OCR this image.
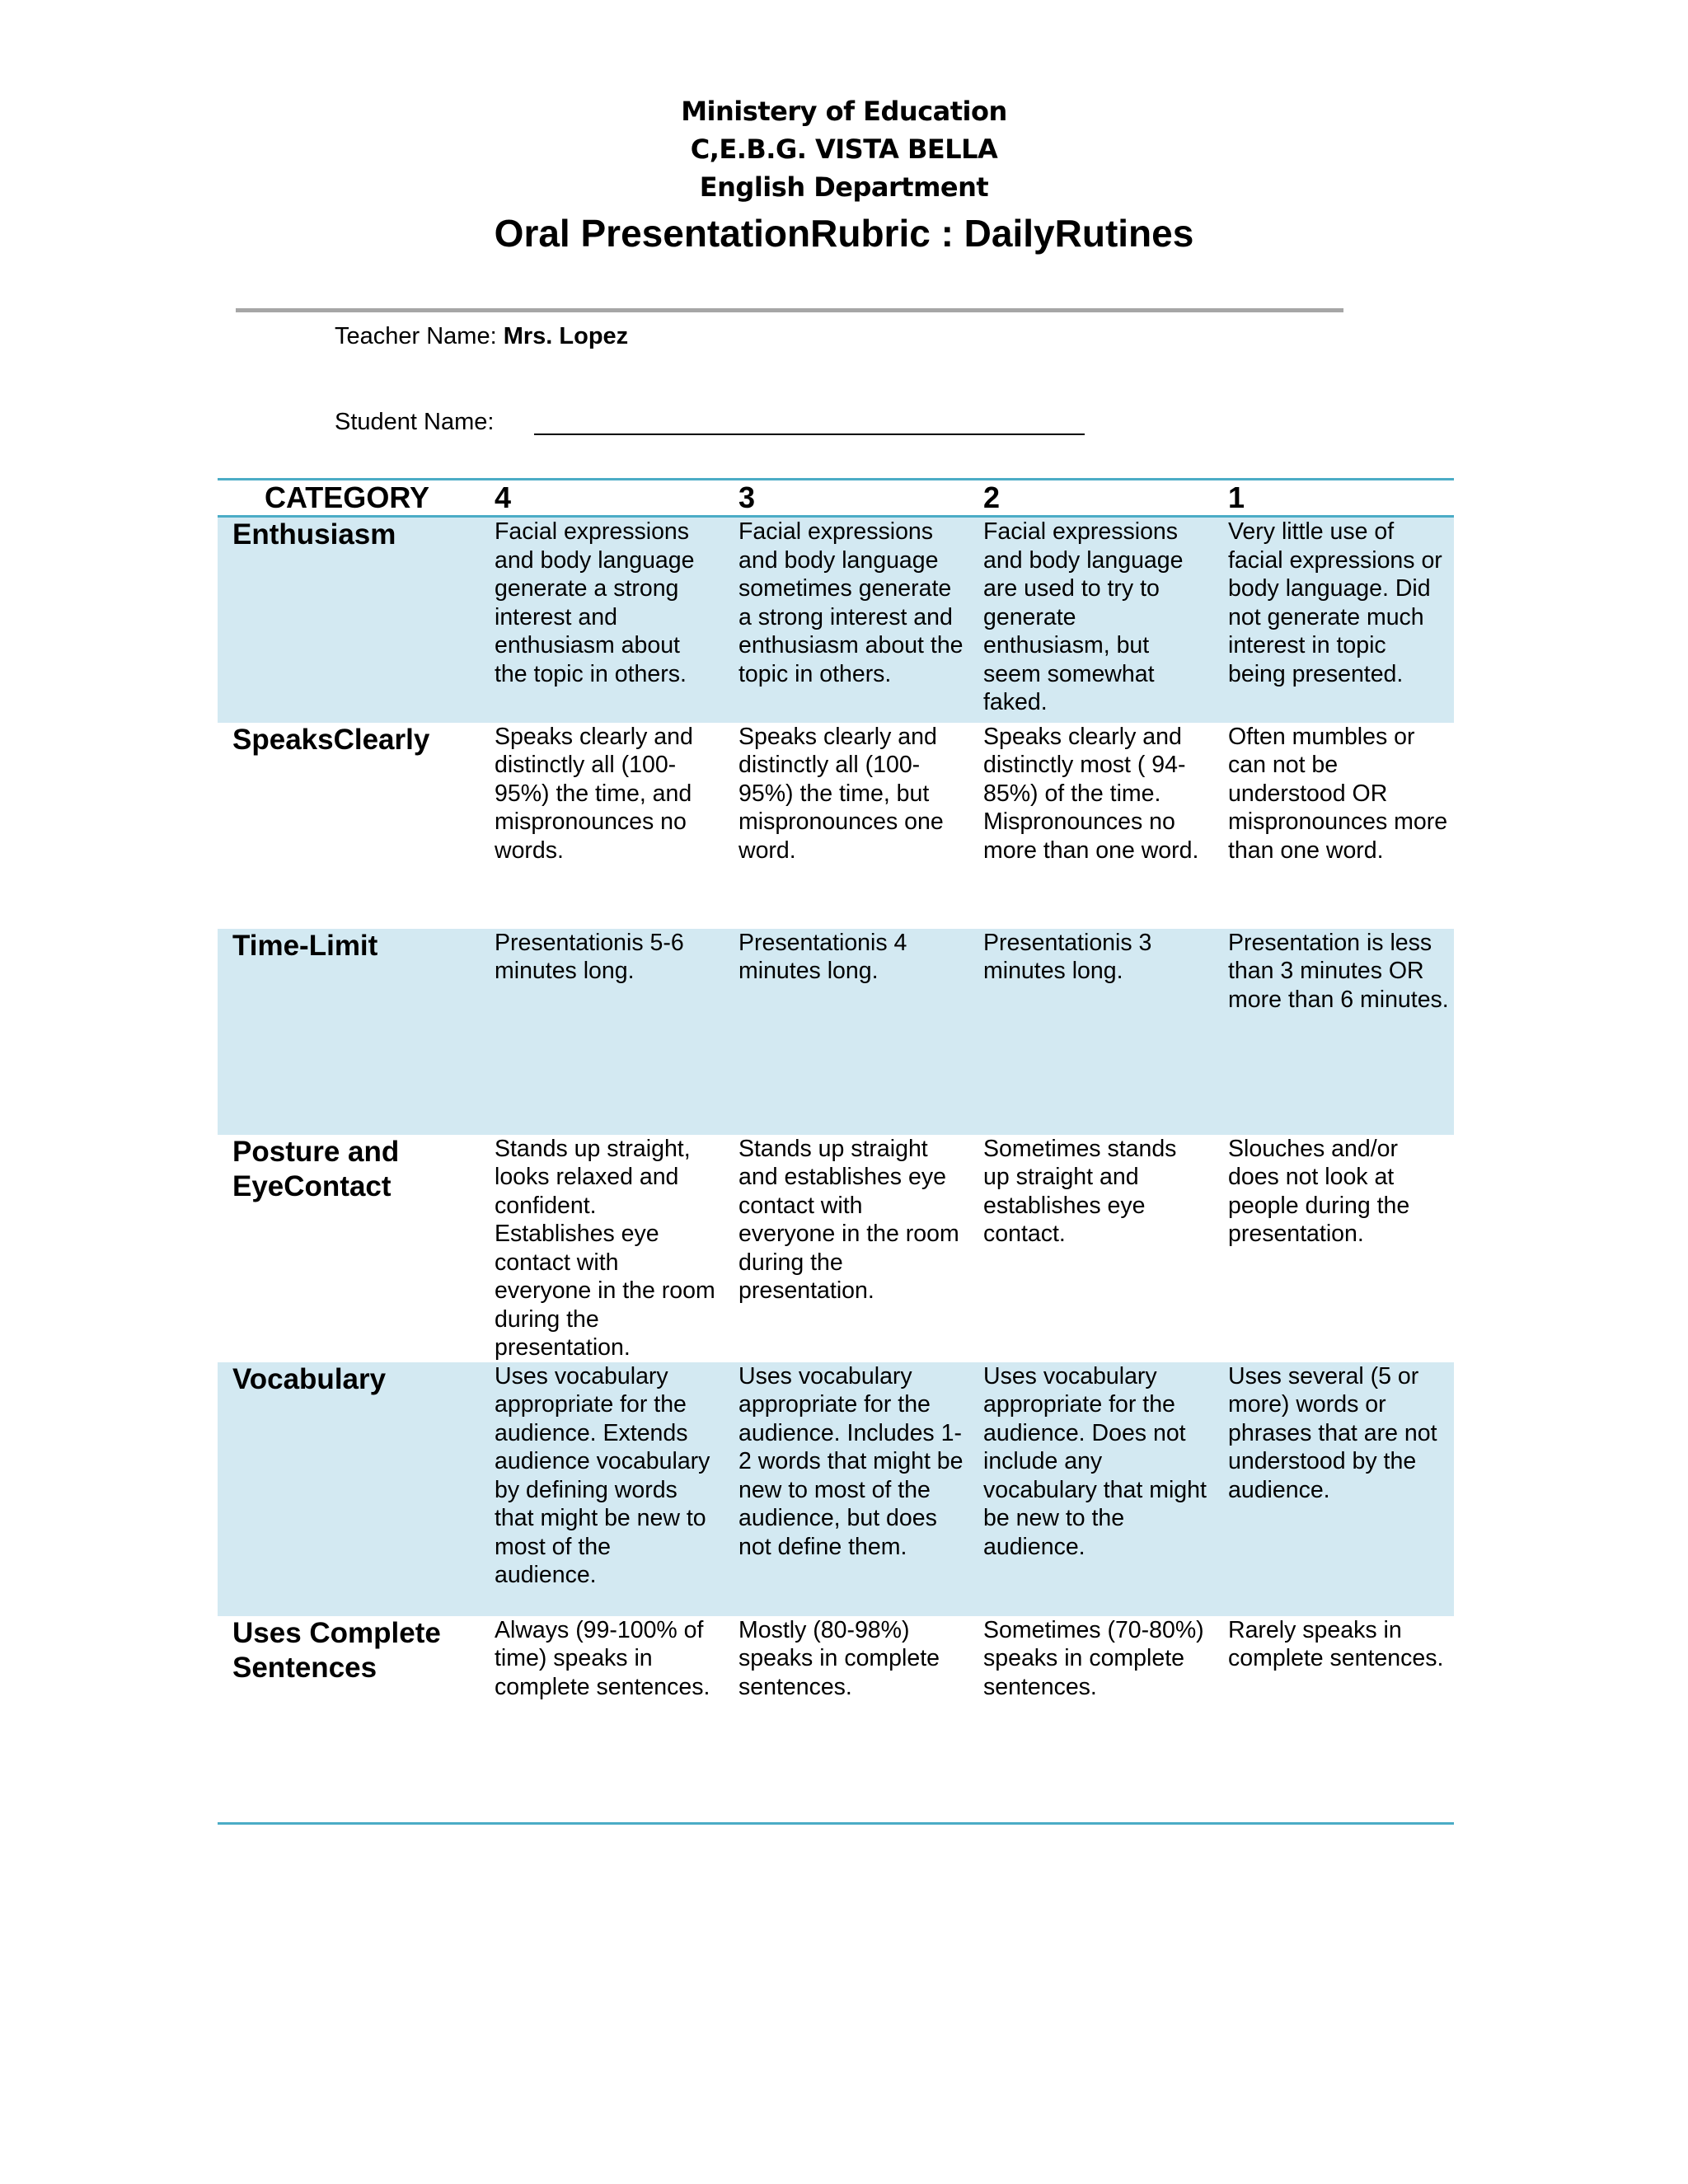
Ministery of Education
C,E.B.G. VISTA BELLA
English Department
Oral PresentationRubric : DailyRutines
Teacher Name: Mrs. Lopez
Student Name:
CATEGORY	4	3	2	1
Enthusiasm	Facial expressions and body language generate a strong interest and enthusiasm about the topic in others.	Facial expressions and body language sometimes generate a strong interest and enthusiasm about the topic in others.	Facial expressions and body language are used to try to generate enthusiasm, but seem somewhat faked.	Very little use of facial expressions or body language. Did not generate much interest in topic being presented.
SpeaksClearly	Speaks clearly and distinctly all (100-95%) the time, and mispronounces no words.	Speaks clearly and distinctly all (100-95%) the time, but mispronounces one word.	Speaks clearly and distinctly most ( 94-85%) of the time. Mispronounces no more than one word.	Often mumbles or can not be understood OR mispronounces more than one word.
Time-Limit	Presentationis 5-6 minutes long.	Presentationis 4 minutes long.	Presentationis 3 minutes long.	Presentation is less than 3 minutes OR more than 6 minutes.
Posture and EyeContact	Stands up straight, looks relaxed and confident. Establishes eye contact with everyone in the room during the presentation.	Stands up straight and establishes eye contact with everyone in the room during the presentation.	Sometimes stands up straight and establishes eye contact.	Slouches and/or does not look at people during the presentation.
Vocabulary	Uses vocabulary appropriate for the audience. Extends audience vocabulary by defining words that might be new to most of the audience.	Uses vocabulary appropriate for the audience. Includes 1-2 words that might be new to most of the audience, but does not define them.	Uses vocabulary appropriate for the audience. Does not include any vocabulary that might be new to the audience.	Uses several (5 or more) words or phrases that are not understood by the audience.
Uses Complete Sentences	Always (99-100% of time) speaks in complete sentences.	Mostly (80-98%) speaks in complete sentences.	Sometimes (70-80%) speaks in complete sentences.	Rarely speaks in complete sentences.
